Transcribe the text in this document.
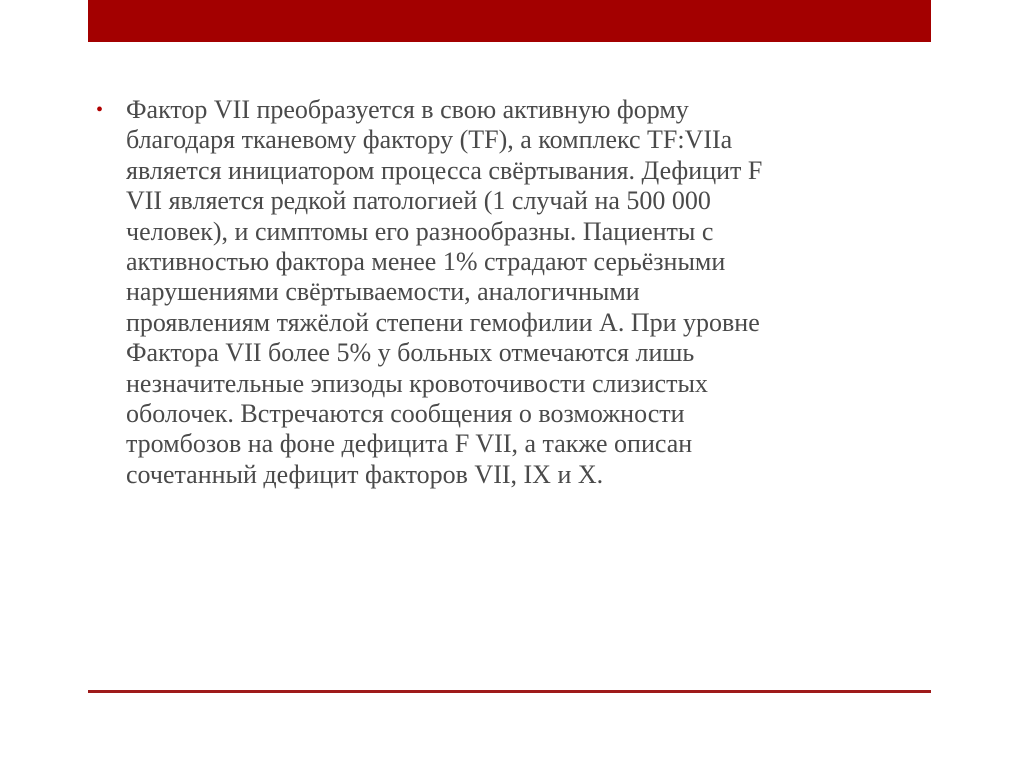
• Фактор VII преобразуется в свою активную форму
благодаря тканевому фактору (TF), а комплекс TF:VIIа
является инициатором процесса свёртывания. Дефицит F
VII является редкой патологией (1 случай на 500 000
человек), и симптомы его разнообразны. Пациенты с
активностью фактора менее 1% страдают серьёзными
нарушениями свёртываемости, аналогичными
проявлениям тяжёлой степени гемофилии А. При уровне
Фактора VII более 5% у больных отмечаются лишь
незначительные эпизоды кровоточивости слизистых
оболочек. Встречаются сообщения о возможности
тромбозов на фоне дефицита F VII, а также описан
сочетанный дефицит факторов VII, IX и X.
